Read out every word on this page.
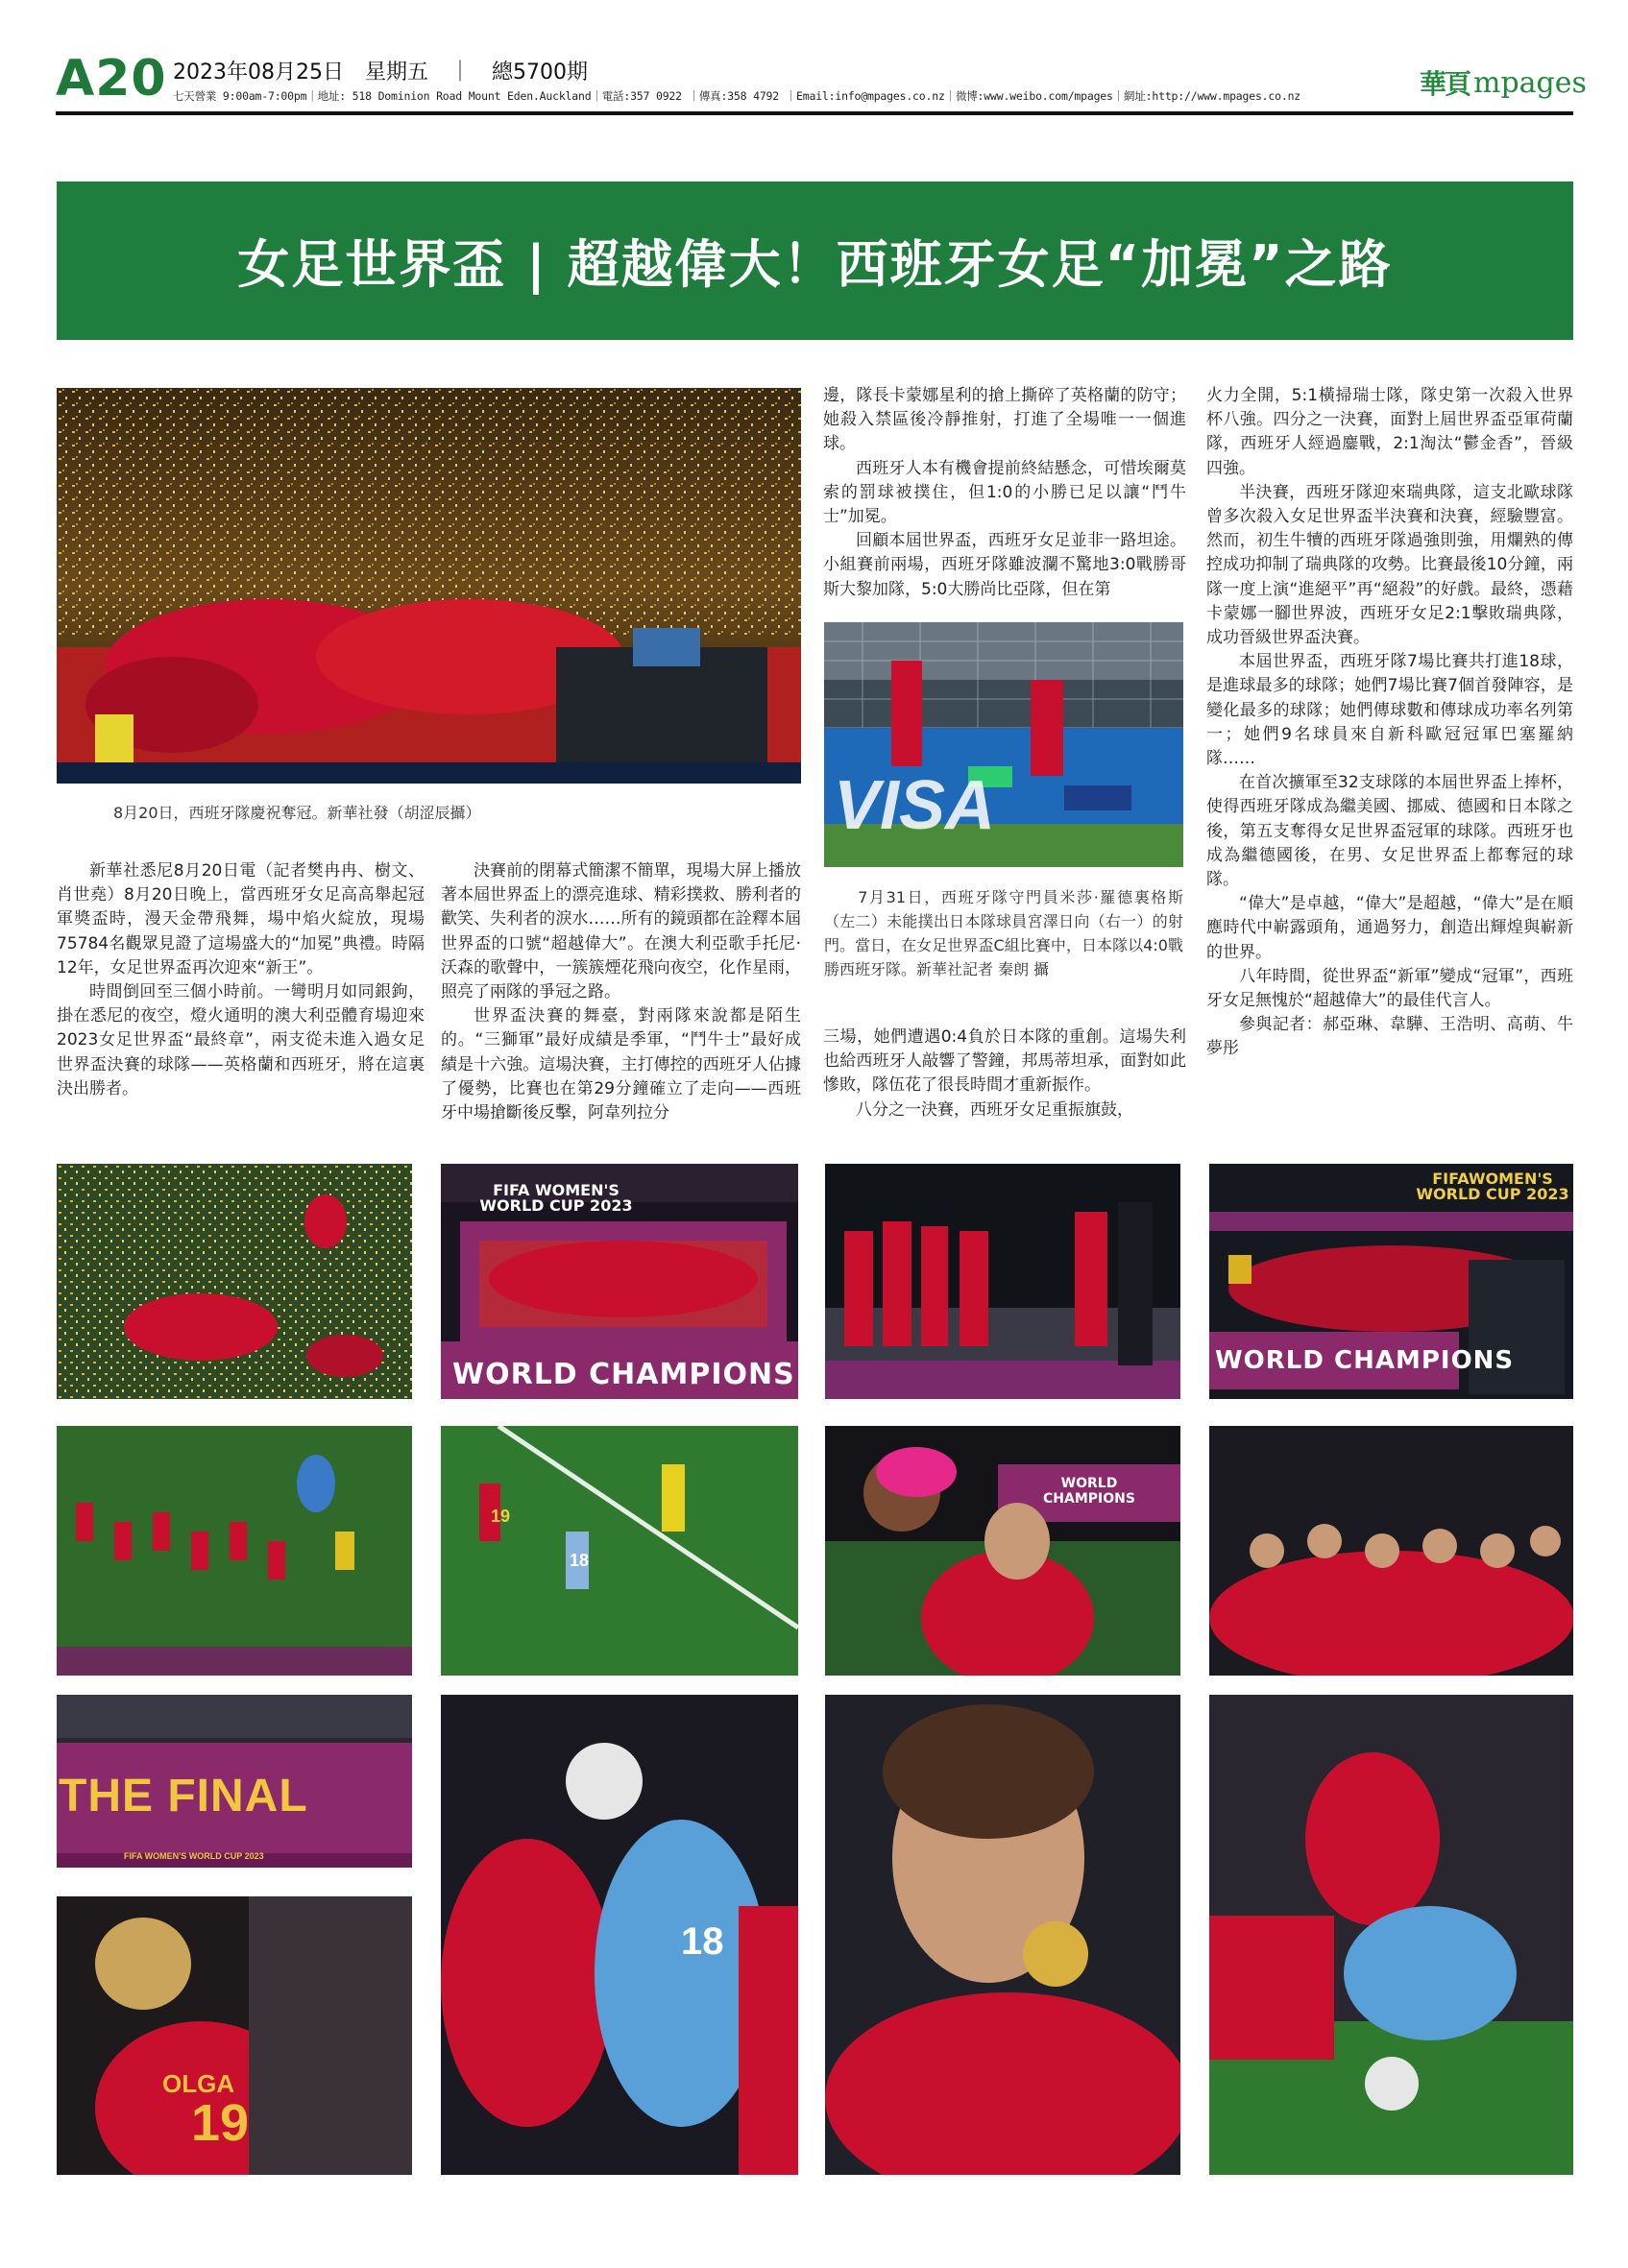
A20 2023年08月25日　星期五　｜　總5700期
七天營業 9:00am-7:00pm｜地址: 518 Dominion Road Mount Eden.Auckland｜電話:357 0922 ｜傳真:358 4792 ｜Email:info@mpages.co.nz｜微博:www.weibo.com/mpages｜網址:http://www.mpages.co.nz	華頁 mpages
女足世界盃 | 超越偉大！西班牙女足“加冕”之路
8月20日，西班牙隊慶祝奪冠。新華社發（胡涩辰攝）

新華社悉尼8月20日電（記者樊冉冉、樹文、肖世堯）8月20日晚上，當西班牙女足高高舉起冠軍獎盃時，漫天金帶飛舞，場中焰火綻放，現場75784名觀眾見證了這場盛大的“加冕”典禮。時隔12年，女足世界盃再次迎來“新王”。

時間倒回至三個小時前。一彎明月如同銀鉤，掛在悉尼的夜空，燈火通明的澳大利亞體育場迎來2023女足世界盃“最終章”，兩支從未進入過女足世界盃決賽的球隊——英格蘭和西班牙，將在這裏決出勝者。

決賽前的閉幕式簡潔不簡單，現場大屏上播放著本屆世界盃上的漂亮進球、精彩撲救、勝利者的歡笑、失利者的淚水……所有的鏡頭都在詮釋本屆世界盃的口號“超越偉大”。在澳大利亞歌手托尼·沃森的歌聲中，一簇簇煙花飛向夜空，化作星雨，照亮了兩隊的爭冠之路。

世界盃決賽的舞臺，對兩隊來說都是陌生的。“三獅軍”最好成績是季軍，“鬥牛士”最好成績是十六強。這場決賽，主打傳控的西班牙人佔據了優勢，比賽也在第29分鐘確立了走向——西班牙中場搶斷後反擊，阿韋列拉分

邊，隊長卡蒙娜星利的搶上撕碎了英格蘭的防守；她殺入禁區後冷靜推射，打進了全場唯一一個進球。

西班牙人本有機會提前終結懸念，可惜埃爾莫索的罰球被撲住，但1:0的小勝已足以讓“鬥牛士”加冕。

回顧本屆世界盃，西班牙女足並非一路坦途。小組賽前兩場，西班牙隊雖波瀾不驚地3:0戰勝哥斯大黎加隊，5:0大勝尚比亞隊，但在第

VISA
7月31日，西班牙隊守門員米莎·羅德裏格斯（左二）未能撲出日本隊球員宮澤日向（右一）的射門。當日，在女足世界盃C組比賽中，日本隊以4:0戰勝西班牙隊。新華社記者 秦朗 攝

三場，她們遭遇0:4負於日本隊的重創。這場失利也給西班牙人敲響了警鐘，邦馬蒂坦承，面對如此慘敗，隊伍花了很長時間才重新振作。

八分之一決賽，西班牙女足重振旗鼓，

火力全開，5:1橫掃瑞士隊，隊史第一次殺入世界杯八強。四分之一決賽，面對上屆世界盃亞軍荷蘭隊，西班牙人經過鏖戰，2:1淘汰“鬱金香”，晉級四強。

半決賽，西班牙隊迎來瑞典隊，這支北歐球隊曾多次殺入女足世界盃半決賽和決賽，經驗豐富。然而，初生牛犢的西班牙隊過強則強，用爛熟的傳控成功抑制了瑞典隊的攻勢。比賽最後10分鐘，兩隊一度上演“進絕平”再“絕殺”的好戲。最終，憑藉卡蒙娜一腳世界波，西班牙女足2:1擊敗瑞典隊，成功晉級世界盃決賽。

本屆世界盃，西班牙隊7場比賽共打進18球，是進球最多的球隊；她們7場比賽7個首發陣容，是變化最多的球隊；她們傳球數和傳球成功率名列第一；她們9名球員來自新科歐冠冠軍巴塞羅納隊……

在首次擴軍至32支球隊的本屆世界盃上捧杯，使得西班牙隊成為繼美國、挪威、德國和日本隊之後，第五支奪得女足世界盃冠軍的球隊。西班牙也成為繼德國後，在男、女足世界盃上都奪冠的球隊。

“偉大”是卓越，“偉大”是超越，“偉大”是在順應時代中嶄露頭角，通過努力，創造出輝煌與嶄新的世界。

八年時間，從世界盃“新軍”變成“冠軍”，西班牙女足無愧於“超越偉大”的最佳代言人。

參與記者：郝亞琳、韋驊、王浩明、高萌、牛夢彤

FIFA WOMEN'S
WORLD CUP 2023
WORLD CHAMPIONS
FIFAWOMEN'S
WORLD CUP 2023
WORLD CHAMPIONS
19
18
WORLD
CHAMPIONS
THE FINAL
FIFA WOMEN'S WORLD CUP 2023
OLGA
19
18
